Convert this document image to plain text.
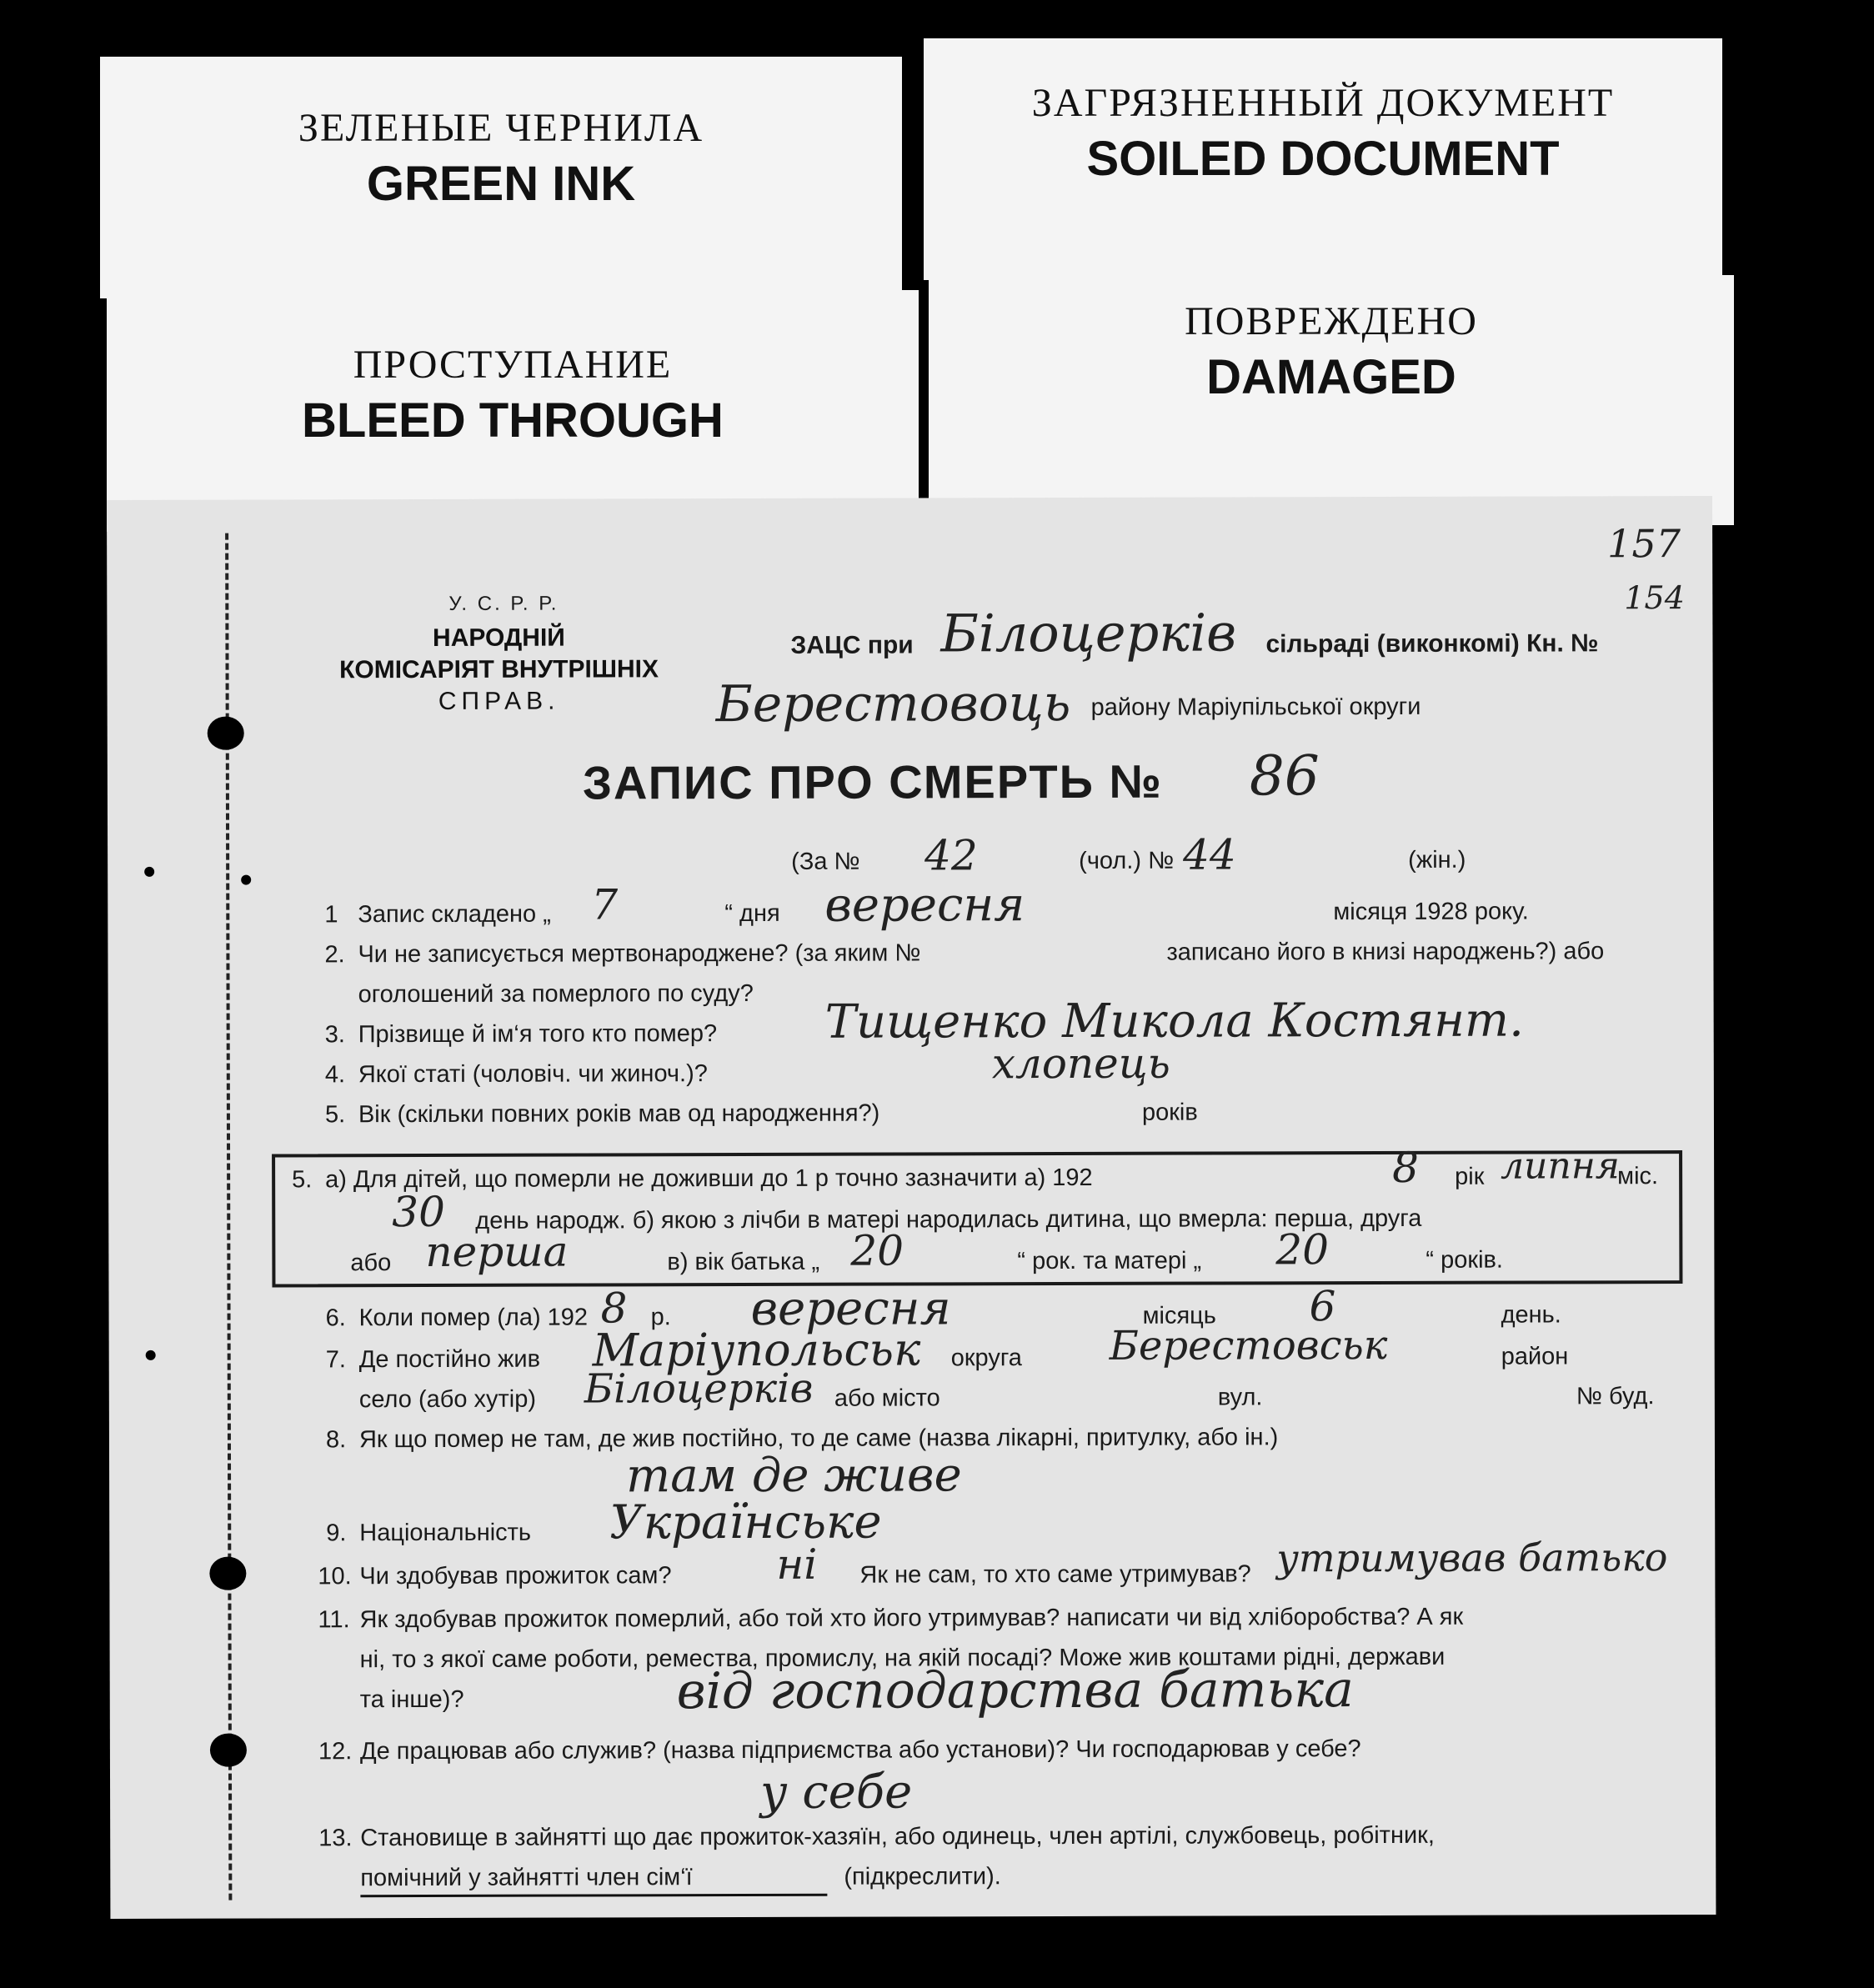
ЗЕЛЕНЫЕ ЧЕРНИЛА
GREEN INK
ЗАГРЯЗНЕННЫЙ ДОКУМЕНТ
SOILED DOCUMENT
ПРОСТУПАНИЕ
BLEED THROUGH
ПОВРЕЖДЕНО
DAMAGED
157
154
У. С. Р. Р.
НАРОДНІЙ
КОМІСАРІЯТ ВНУТРІШНІХ
СПРАВ.
ЗАЦС при Білоцерків сільраді (виконкомі) Кн. №
Берестовоць району Маріупільської округи
ЗАПИС ПРО СМЕРТЬ № 86
(За № 42	(чол.) № 44	(жін.)
1 Запис складено „ 7	“ дня вересня	місяця 1928 року.
2. Чи не записується мертвонароджене? (за яким №	записано його в книзі народжень?) або
оголошений за померлого по суду?
3. Прізвище й ім‘я того кто помер? Тищенко Микола Костянт.
4. Якої статі (чоловіч. чи жиноч.)?	хлопець
5. Вік (скільки повних років мав од народження?)	років
5. а) Для дітей, що померли не доживши до 1 р точно зазначити а) 192	8 рік липня
міс.
30 день народж. б) якою з лічби в матері народилась дитина, що вмерла: перша, друга
або перша	в) вік батька „ 20	“ рок. та матері „ 20	“ років.
6. Коли помер (ла) 192 8 р. вересня	місяць 6	день.
7. Де постійно жив Маріупольськ округа Берестовськ	район
село (або хутір) Білоцерків або місто	вул.	№ буд.
8. Як що помер не там, де жив постійно, то де саме (назва лікарні, притулку, або ін.)
там де живе
9. Національність Українське
10. Чи здобував прожиток сам?	ні Як не сам, то хто саме утримував? утримував батько
11. Як здобував прожиток померлий, або той хто його утримував? написати чи від хліборобства? А як
ні, то з якої саме роботи, ремества, промислу, на якій посаді? Може жив коштами рідні, держави
та інше)?	від господарства батька
12. Де працював або служив? (назва підприємства або установи)? Чи господарював у себе?
у себе
13. Становище в зайнятті що дає прожиток-хазяїн, або одинець, член артілі, службовець, робітник,
помічний у зайнятті член сім‘ї	(підкреслити).
